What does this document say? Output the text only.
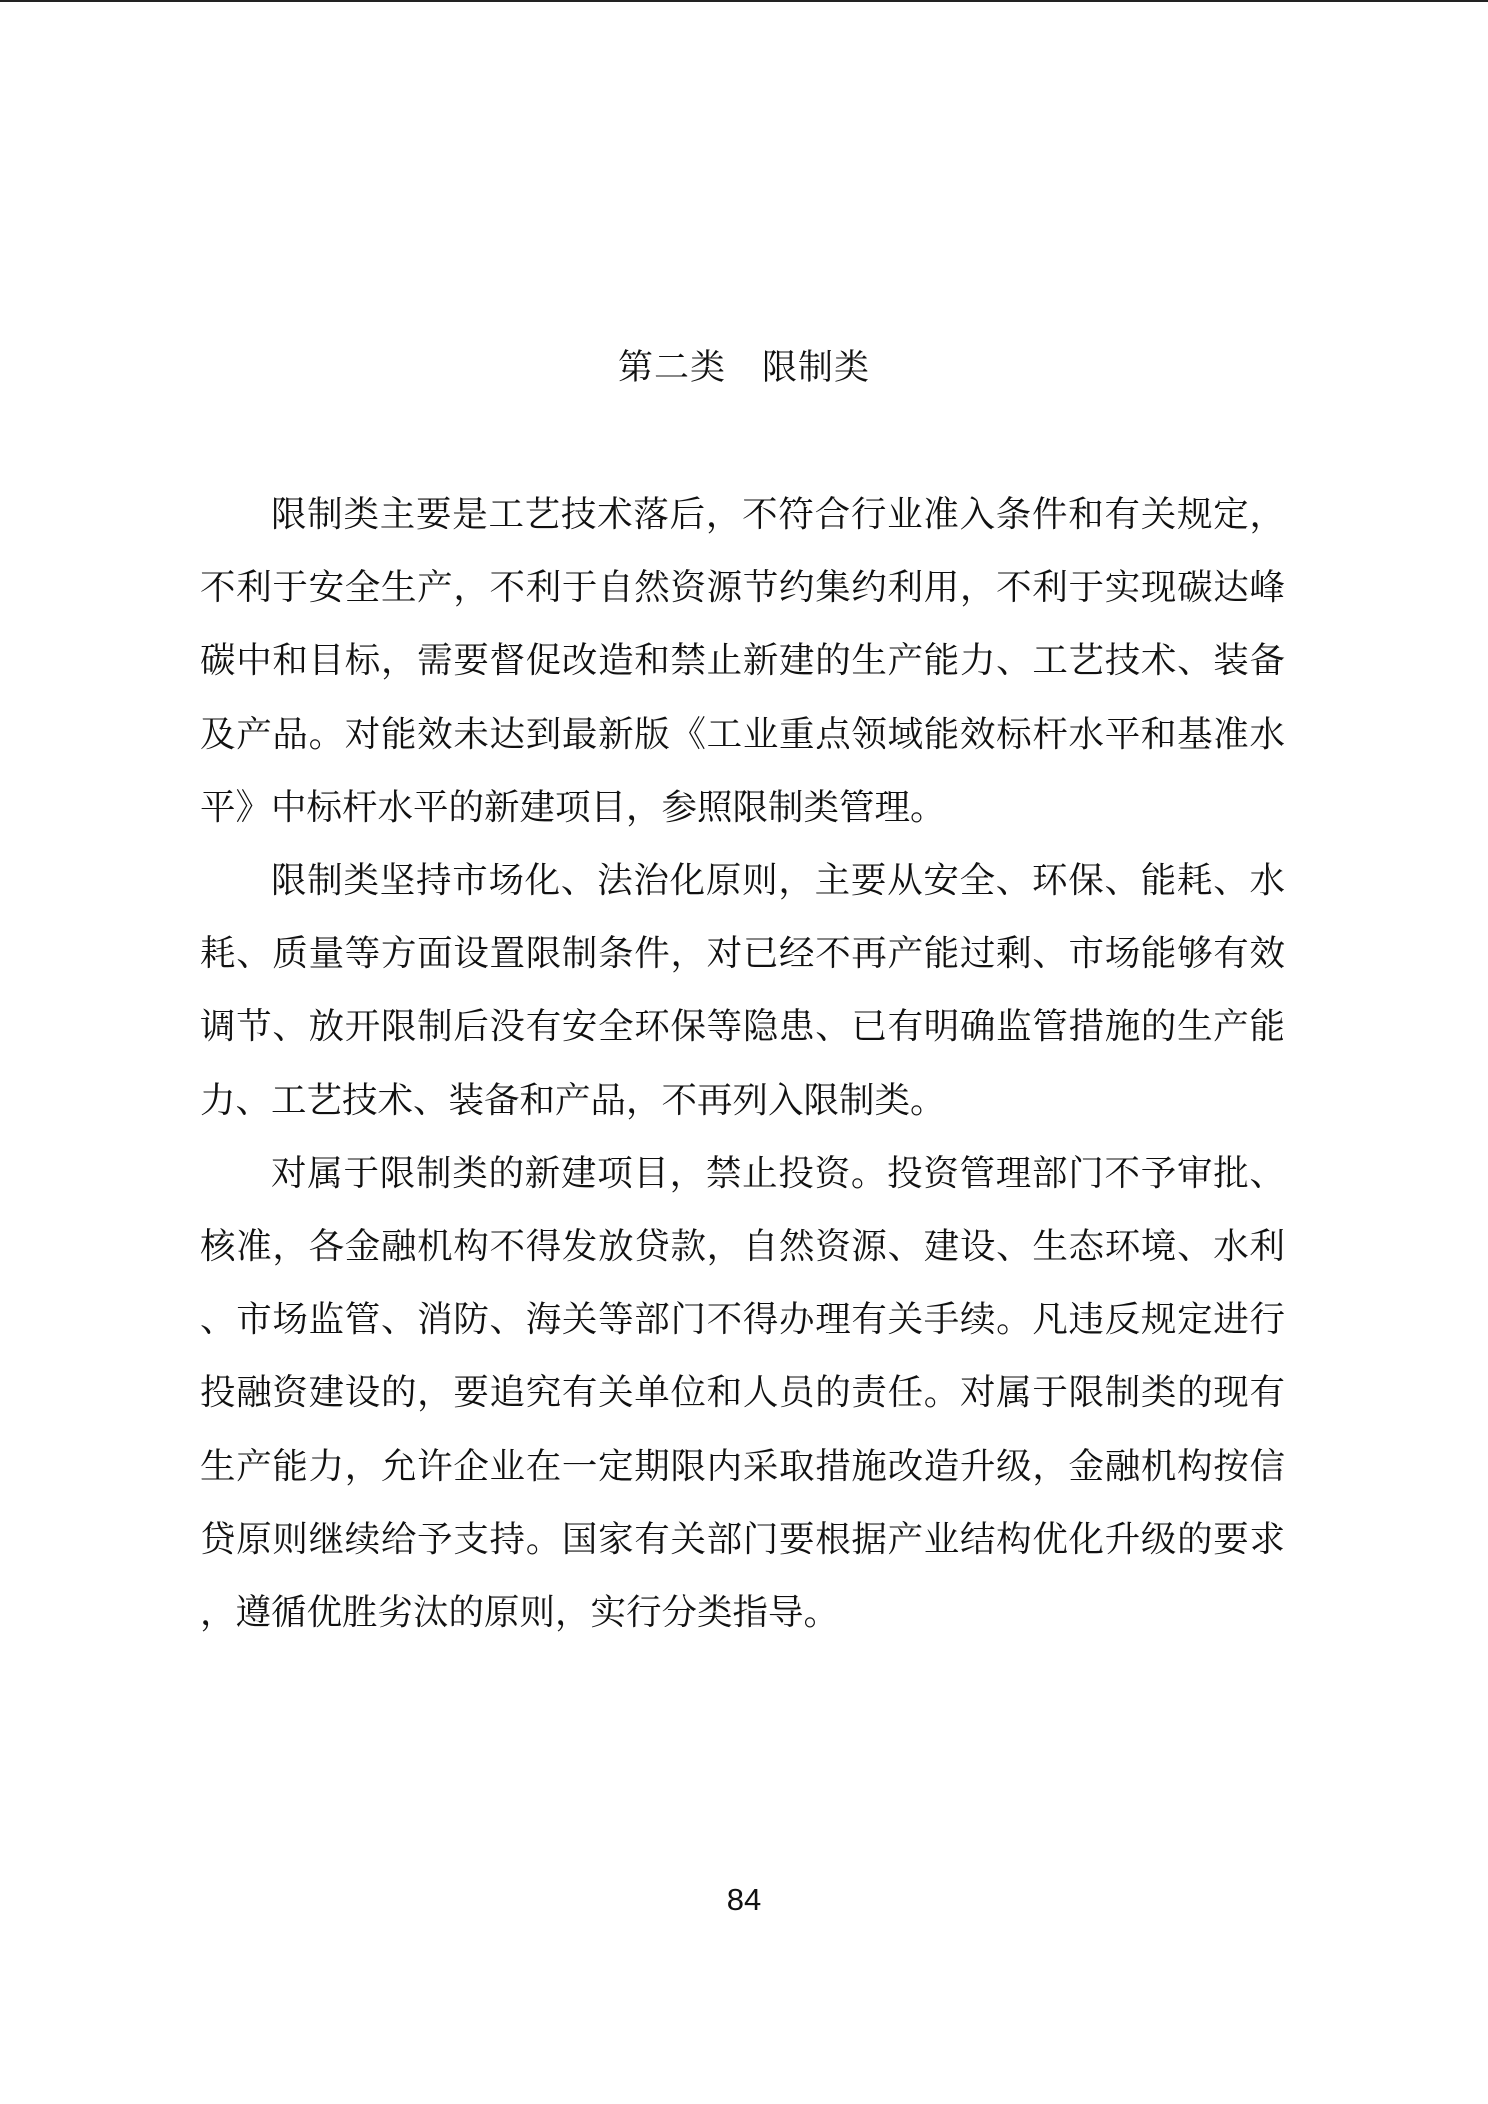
第二类　限制类

限制类主要是工艺技术落后，不符合行业准入条件和有关规定，不利于安全生产，不利于自然资源节约集约利用，不利于实现碳达峰碳中和目标，需要督促改造和禁止新建的生产能力、工艺技术、装备及产品。对能效未达到最新版《工业重点领域能效标杆水平和基准水平》中标杆水平的新建项目，参照限制类管理。

限制类坚持市场化、法治化原则，主要从安全、环保、能耗、水耗、质量等方面设置限制条件，对已经不再产能过剩、市场能够有效调节、放开限制后没有安全环保等隐患、已有明确监管措施的生产能力、工艺技术、装备和产品，不再列入限制类。

对属于限制类的新建项目，禁止投资。投资管理部门不予审批、核准，各金融机构不得发放贷款，自然资源、建设、生态环境、水利、市场监管、消防、海关等部门不得办理有关手续。凡违反规定进行投融资建设的，要追究有关单位和人员的责任。对属于限制类的现有生产能力，允许企业在一定期限内采取措施改造升级，金融机构按信贷原则继续给予支持。国家有关部门要根据产业结构优化升级的要求，遵循优胜劣汰的原则，实行分类指导。

84
